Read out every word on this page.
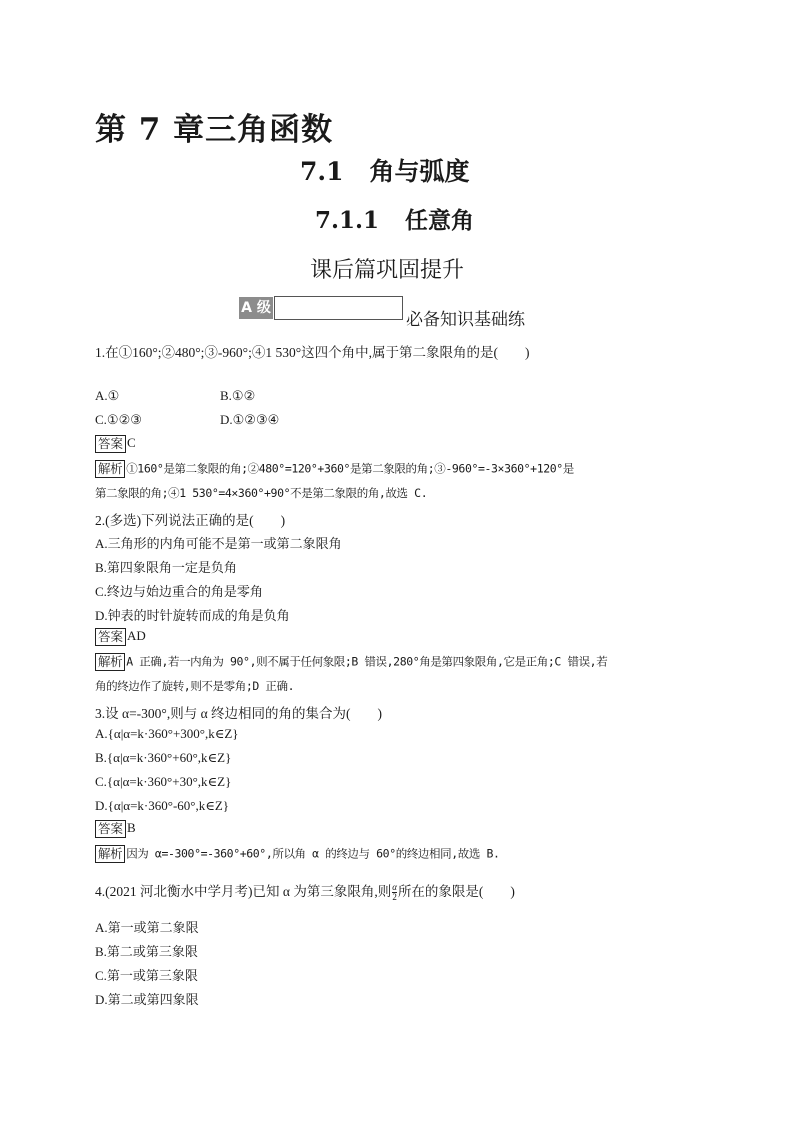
第 7 章三角函数
7.1 角与弧度
7.1.1 任意角
课后篇巩固提升
A 级
必备知识基础练
1.在①160°;②480°;③-960°;④1 530°这四个角中,属于第二象限角的是(　　)
A.①	B.①②
C.①②③	D.①②③④
答案 C
解析 ①160°是第二象限的角;②480°=120°+360°是第二象限的角;③-960°=-3×360°+120°是
第二象限的角;④1 530°=4×360°+90°不是第二象限的角,故选 C.
2.(多选)下列说法正确的是(　　)
A.三角形的内角可能不是第一或第二象限角
B.第四象限角一定是负角
C.终边与始边重合的角是零角
D.钟表的时针旋转而成的角是负角
答案 AD
解析 A 正确,若一内角为 90°,则不属于任何象限;B 错误,280°角是第四象限角,它是正角;C 错误,若
角的终边作了旋转,则不是零角;D 正确.
3.设 α=-300°,则与 α 终边相同的角的集合为(　　)
A.{α|α=k·360°+300°,k∈Z}
B.{α|α=k·360°+60°,k∈Z}
C.{α|α=k·360°+30°,k∈Z}
D.{α|α=k·360°-60°,k∈Z}
答案 B
解析 因为 α=-300°=-360°+60°,所以角 α 的终边与 60°的终边相同,故选 B.
4.(2021 河北衡水中学月考)已知 α 为第三象限角,则 $\frac{\alpha}{2}$ 所在的象限是(　　)
A.第一或第二象限
B.第二或第三象限
C.第一或第三象限
D.第二或第四象限
